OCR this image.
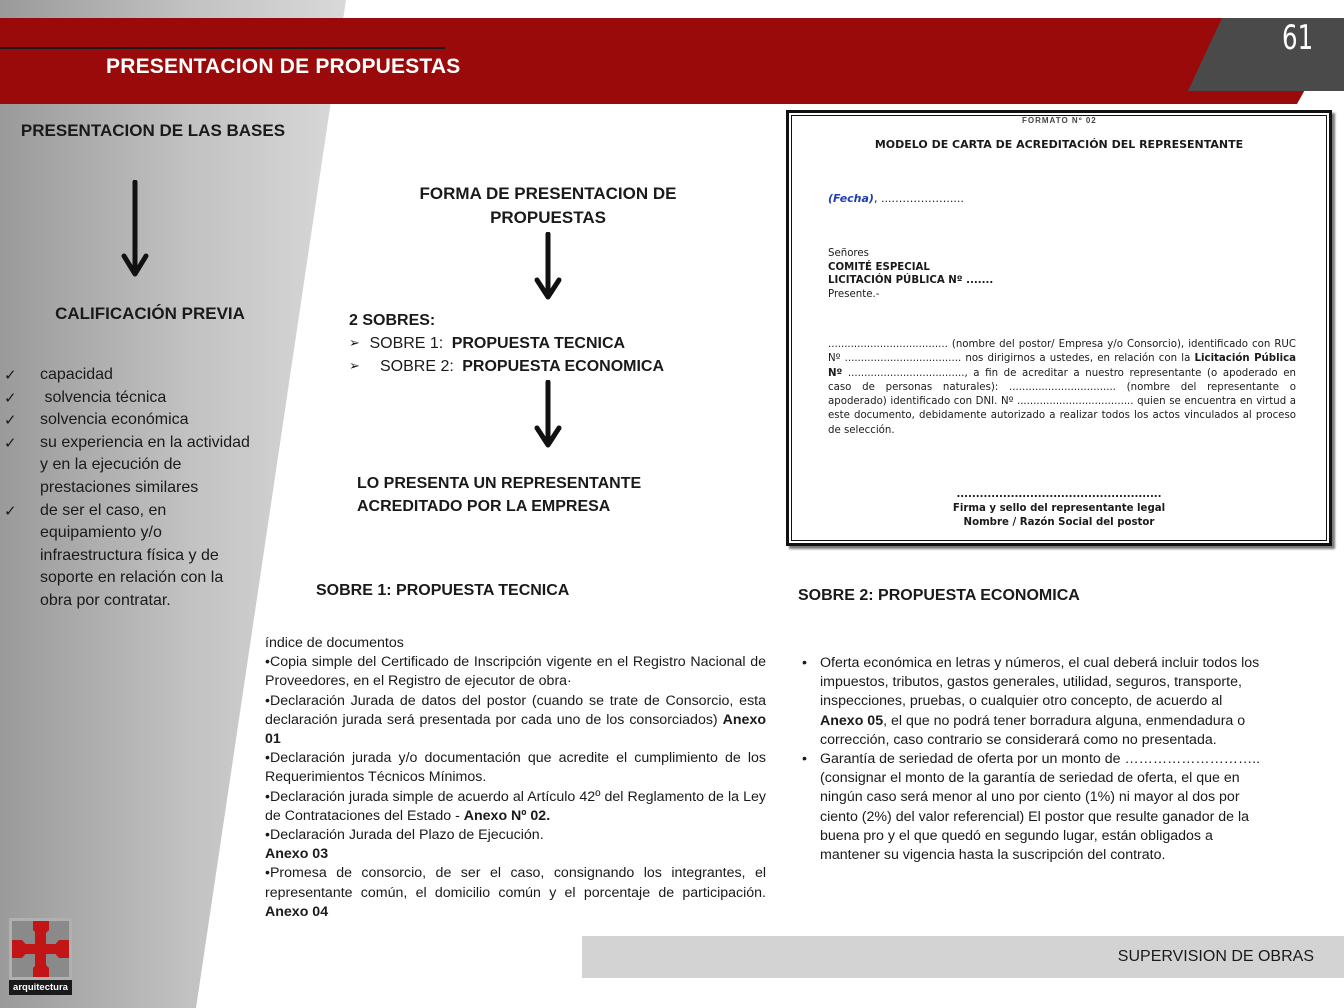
PRESENTACION DE PROPUESTAS
61
PRESENTACION DE LAS BASES
CALIFICACIÓN PREVIA
✓ capacidad
✓ solvencia técnica
✓ solvencia económica
✓ su experiencia en la actividad y en la ejecución de prestaciones similares
✓ de ser el caso, en equipamiento y/o infraestructura física y de soporte en relación con la obra por contratar.
FORMA DE PRESENTACION DE PROPUESTAS
2 SOBRES:
➢ SOBRE 1: PROPUESTA TECNICA
➢	SOBRE 2: PROPUESTA ECONOMICA
LO PRESENTA UN REPRESENTANTE
ACREDITADO POR LA EMPRESA
FORMATO Nº 02
MODELO DE CARTA DE ACREDITACIÓN DEL REPRESENTANTE
(Fecha), ...…………….....
Señores
COMITÉ ESPECIAL
LICITACIÓN PÚBLICA Nº .......
Presente.-
..................................... (nombre del postor/ Empresa y/o Consorcio), identificado con RUC Nº .................................... nos dirigirnos a ustedes, en relación con la Licitación Pública Nº ...................................., a fin de acreditar a nuestro representante (o apoderado en caso de personas naturales): ................................. (nombre del representante o apoderado) identificado con DNI. Nº .................................... quien se encuentra en virtud a este documento, debidamente autorizado a realizar todos los actos vinculados al proceso de selección.
.....................................................
Firma y sello del representante legal
Nombre / Razón Social del postor
SOBRE 1: PROPUESTA TECNICA
índice de documentos
•Copia simple del Certificado de Inscripción vigente en el Registro Nacional de Proveedores, en el Registro de ejecutor de obra·
•Declaración Jurada de datos del postor (cuando se trate de Consorcio, esta declaración jurada será presentada por cada uno de los consorciados) Anexo 01
•Declaración jurada y/o documentación que acredite el cumplimiento de los Requerimientos Técnicos Mínimos.
•Declaración jurada simple de acuerdo al Artículo 42º del Reglamento de la Ley de Contrataciones del Estado - Anexo Nº 02.
•Declaración Jurada del Plazo de Ejecución.
Anexo 03
•Promesa de consorcio, de ser el caso, consignando los integrantes, el representante común, el domicilio común y el porcentaje de participación. Anexo 04
SOBRE 2: PROPUESTA ECONOMICA
• Oferta económica en letras y números, el cual deberá incluir todos los impuestos, tributos, gastos generales, utilidad, seguros, transporte, inspecciones, pruebas, o cualquier otro concepto, de acuerdo al Anexo 05, el que no podrá tener borradura alguna, enmendadura o corrección, caso contrario se considerará como no presentada.
• Garantía de seriedad de oferta por un monto de ……………………….. (consignar el monto de la garantía de seriedad de oferta, el que en ningún caso será menor al uno por ciento (1%) ni mayor al dos por ciento (2%) del valor referencial) El postor que resulte ganador de la buena pro y el que quedó en segundo lugar, están obligados a mantener su vigencia hasta la suscripción del contrato.
SUPERVISION DE OBRAS
arquitectura
